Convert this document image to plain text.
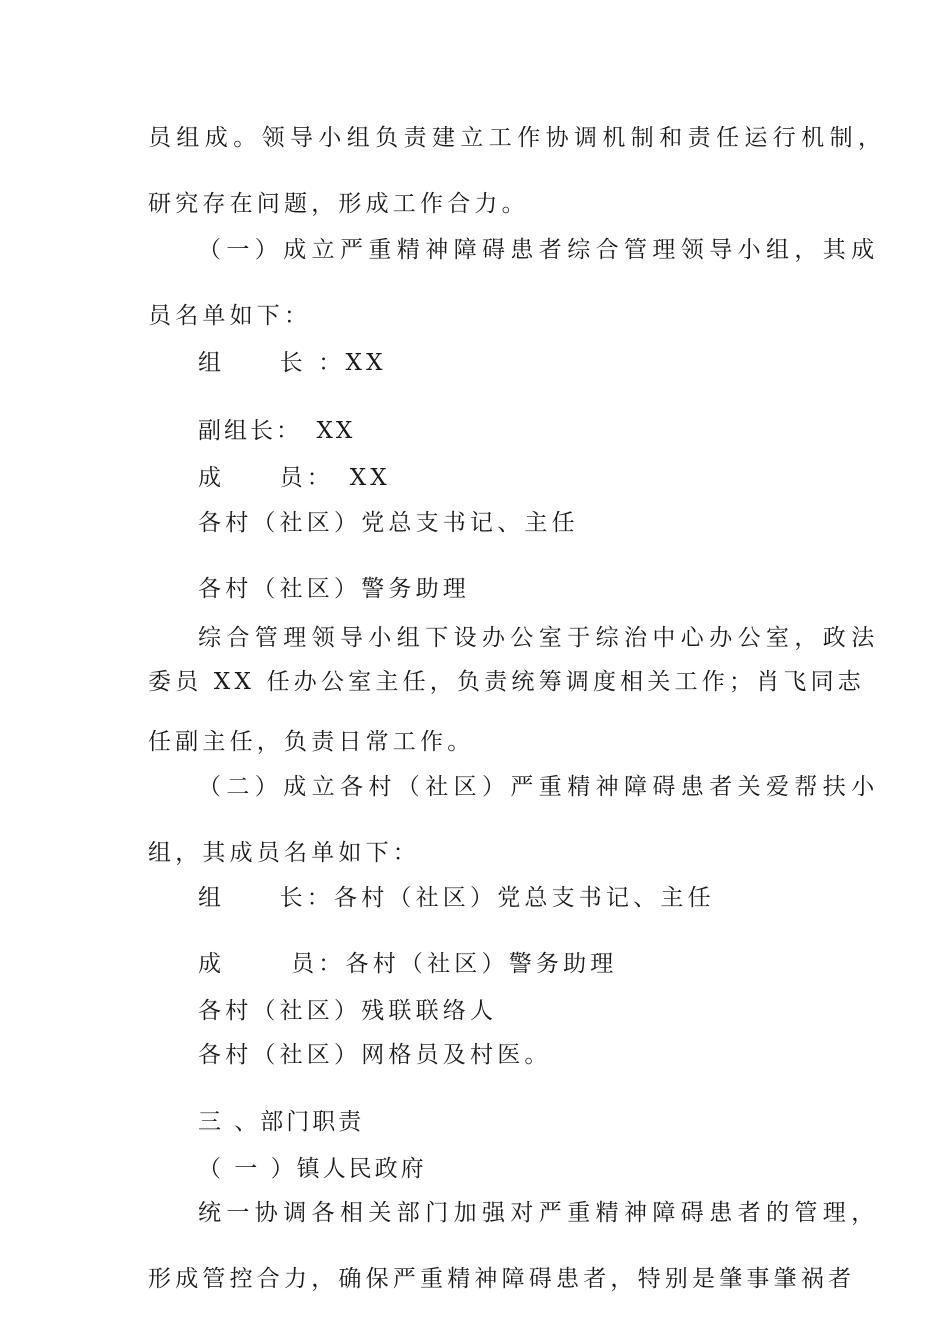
员组成。领导小组负责建立工作协调机制和责任运行机制，

研究存在问题，形成工作合力。

（一）成立严重精神障碍患者综合管理领导小组，其成

员名单如下：

组　　长 ：XX

副组长：　XX

成　　员：　XX

各村（社区）党总支书记、主任

各村（社区）警务助理

综合管理领导小组下设办公室于综治中心办公室，政法

委员 XX 任办公室主任，负责统筹调度相关工作；肖飞同志

任副主任，负责日常工作。

（二）成立各村（社区）严重精神障碍患者关爱帮扶小

组，其成员名单如下：

组　　长：各村（社区）党总支书记、主任

成　　 员：各村（社区）警务助理

各村（社区）残联联络人

各村（社区）网格员及村医。

三 、部门职责

（ 一 ）镇人民政府

统一协调各相关部门加强对严重精神障碍患者的管理，

形成管控合力，确保严重精神障碍患者，特别是肇事肇祸者
